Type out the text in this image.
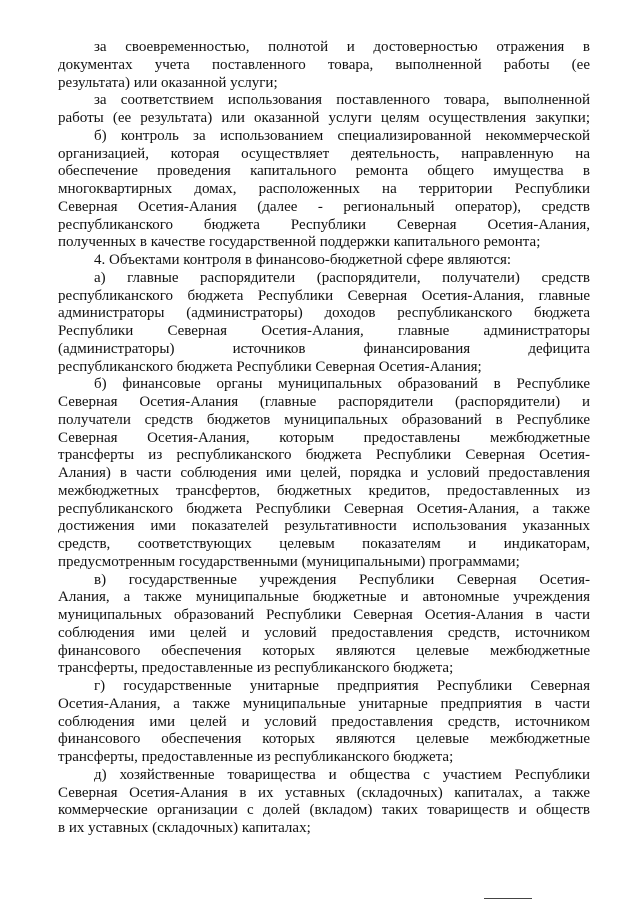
за своевременностью, полнотой и достоверностью отражения в
документах учета поставленного товара, выполненной работы (ее
результата) или оказанной услуги;
за соответствием использования поставленного товара, выполненной
работы (ее результата) или оказанной услуги целям осуществления закупки;
б) контроль за использованием специализированной некоммерческой
организацией, которая осуществляет деятельность, направленную на
обеспечение проведения капитального ремонта общего имущества в
многоквартирных домах, расположенных на территории Республики
Северная Осетия-Алания (далее - региональный оператор), средств
республиканского бюджета Республики Северная Осетия-Алания,
полученных в качестве государственной поддержки капитального ремонта;
4. Объектами контроля в финансово-бюджетной сфере являются:
а) главные распорядители (распорядители, получатели) средств
республиканского бюджета Республики Северная Осетия-Алания, главные
администраторы (администраторы) доходов республиканского бюджета
Республики Северная Осетия-Алания, главные администраторы
(администраторы) источников финансирования дефицита
республиканского бюджета Республики Северная Осетия-Алания;
б) финансовые органы муниципальных образований в Республике
Северная Осетия-Алания (главные распорядители (распорядители) и
получатели средств бюджетов муниципальных образований в Республике
Северная Осетия-Алания, которым предоставлены межбюджетные
трансферты из республиканского бюджета Республики Северная Осетия-
Алания) в части соблюдения ими целей, порядка и условий предоставления
межбюджетных трансфертов, бюджетных кредитов, предоставленных из
республиканского бюджета Республики Северная Осетия-Алания, а также
достижения ими показателей результативности использования указанных
средств, соответствующих целевым показателям и индикаторам,
предусмотренным государственными (муниципальными) программами;
в) государственные учреждения Республики Северная Осетия-
Алания, а также муниципальные бюджетные и автономные учреждения
муниципальных образований Республики Северная Осетия-Алания в части
соблюдения ими целей и условий предоставления средств, источником
финансового обеспечения которых являются целевые межбюджетные
трансферты, предоставленные из республиканского бюджета;
г) государственные унитарные предприятия Республики Северная
Осетия-Алания, а также муниципальные унитарные предприятия в части
соблюдения ими целей и условий предоставления средств, источником
финансового обеспечения которых являются целевые межбюджетные
трансферты, предоставленные из республиканского бюджета;
д) хозяйственные товарищества и общества с участием Республики
Северная Осетия-Алания в их уставных (складочных) капиталах, а также
коммерческие организации с долей (вкладом) таких товариществ и обществ
в их уставных (складочных) капиталах;
